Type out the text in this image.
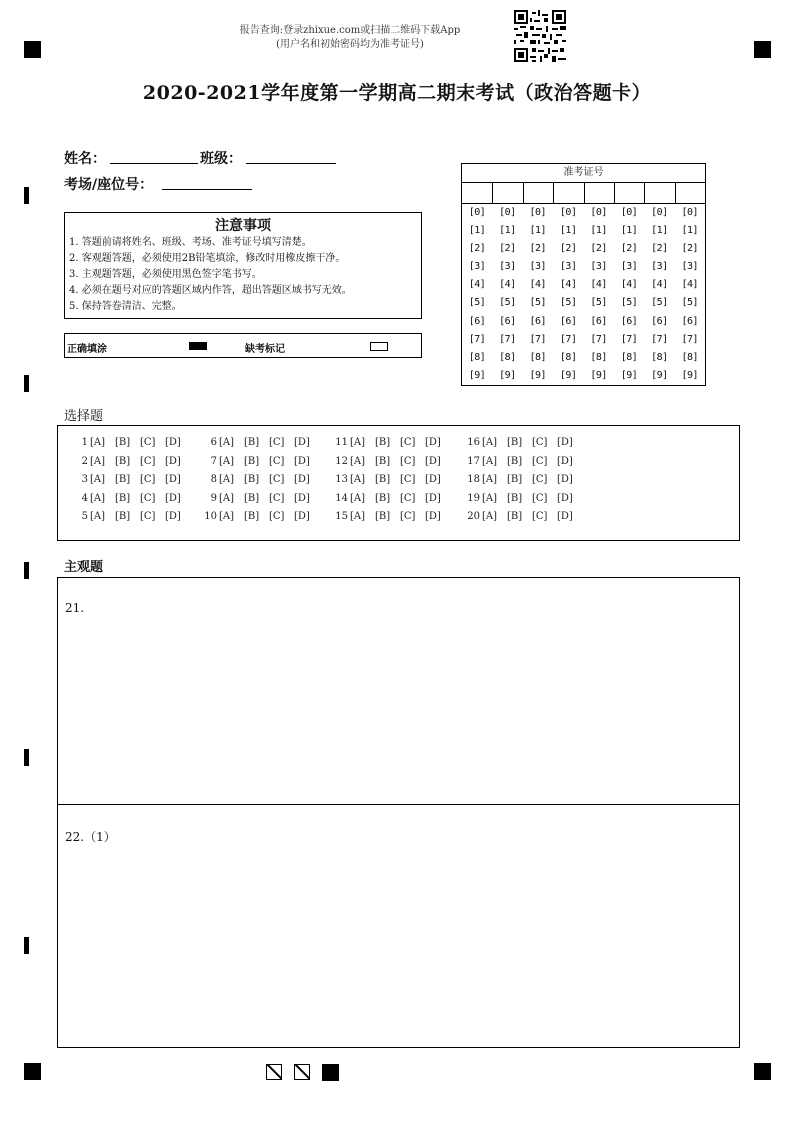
报告查询:登录zhixue.com或扫描二维码下载App
(用户名和初始密码均为准考证号)
2020-2021学年度第一学期高二期末考试（政治答题卡）
姓名：	班级：
考场/座位号：
注意事项
1. 答题前请将姓名、班级、考场、准考证号填写清楚。
2. 客观题答题，必须使用2B铅笔填涂，修改时用橡皮擦干净。
3. 主观题答题，必须使用黑色签字笔书写。
4. 必须在题号对应的答题区域内作答，超出答题区域书写无效。
5. 保持答卷清洁、完整。
正确填涂	缺考标记
准考证号
[0]
[1]
[2]
[3]
[4]
[5]
[6]
[7]
[8]
[9]
[0]
[1]
[2]
[3]
[4]
[5]
[6]
[7]
[8]
[9]
[0]
[1]
[2]
[3]
[4]
[5]
[6]
[7]
[8]
[9]
[0]
[1]
[2]
[3]
[4]
[5]
[6]
[7]
[8]
[9]
[0]
[1]
[2]
[3]
[4]
[5]
[6]
[7]
[8]
[9]
[0]
[1]
[2]
[3]
[4]
[5]
[6]
[7]
[8]
[9]
[0]
[1]
[2]
[3]
[4]
[5]
[6]
[7]
[8]
[9]
[0]
[1]
[2]
[3]
[4]
[5]
[6]
[7]
[8]
[9]
选择题
1 [A] [B] [C] [D]
2 [A] [B] [C] [D]
3 [A] [B] [C] [D]
4 [A] [B] [C] [D]
5 [A] [B] [C] [D]
6 [A] [B] [C] [D]
7 [A] [B] [C] [D]
8 [A] [B] [C] [D]
9 [A] [B] [C] [D]
10 [A] [B] [C] [D]
11 [A] [B] [C] [D]
12 [A] [B] [C] [D]
13 [A] [B] [C] [D]
14 [A] [B] [C] [D]
15 [A] [B] [C] [D]
16 [A] [B] [C] [D]
17 [A] [B] [C] [D]
18 [A] [B] [C] [D]
19 [A] [B] [C] [D]
20 [A] [B] [C] [D]
主观题
21.
22.（1）
